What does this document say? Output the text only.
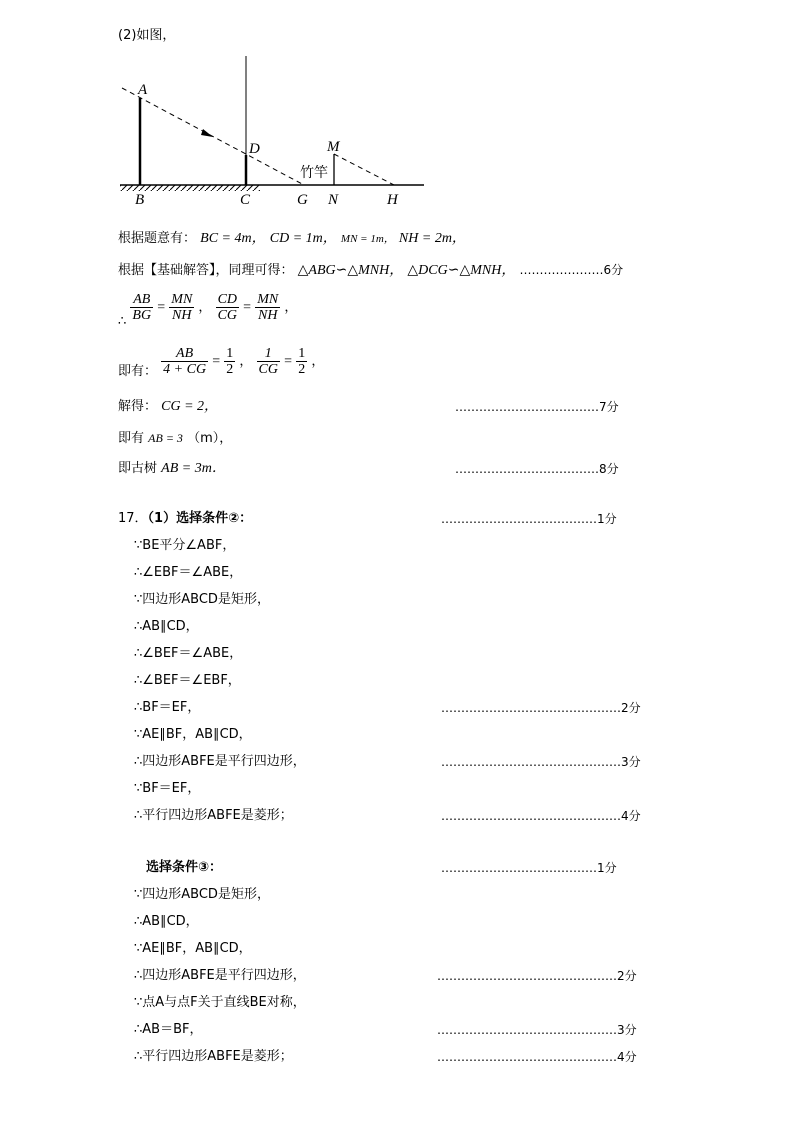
(2)如图，
A
B	C
D
G N	H
M
竹竿
根据题意有： BC = 4m， CD = 1m， MN = 1m， NH = 2m，
根据【基础解答】，同理可得： △ABG∽△MNH， △DCG∽△MNH， …………………6分
∴ $\frac{AB}{BG} = \frac{MN}{NH}$ ， $\frac{CD}{CG} = \frac{MN}{NH}$ ，
即有： $\frac{AB}{4 + CG} = \frac{1}{2}$ ， $\frac{1}{CG} = \frac{1}{2}$ ，
解得： CG = 2，	………………………………7分
即有 AB = 3 （m），
即古树 AB = 3m．	………………………………8分
17．（1）选择条件②：	…………………………………1分
∵BE平分∠ABF，
∴∠EBF＝∠ABE，
∵四边形ABCD是矩形，
∴AB∥CD，
∴∠BEF＝∠ABE，
∴∠BEF＝∠EBF，
∴BF＝EF，	………………………………………2分
∵AE∥BF，AB∥CD，
∴四边形ABFE是平行四边形，	………………………………………3分
∵BF＝EF，
∴平行四边形ABFE是菱形；	………………………………………4分
选择条件③：	…………………………………1分
∵四边形ABCD是矩形，
∴AB∥CD，
∵AE∥BF，AB∥CD，
∴四边形ABFE是平行四边形，	………………………………………2分
∵点A与点F关于直线BE对称，
∴AB＝BF，	………………………………………3分
∴平行四边形ABFE是菱形；	………………………………………4分
